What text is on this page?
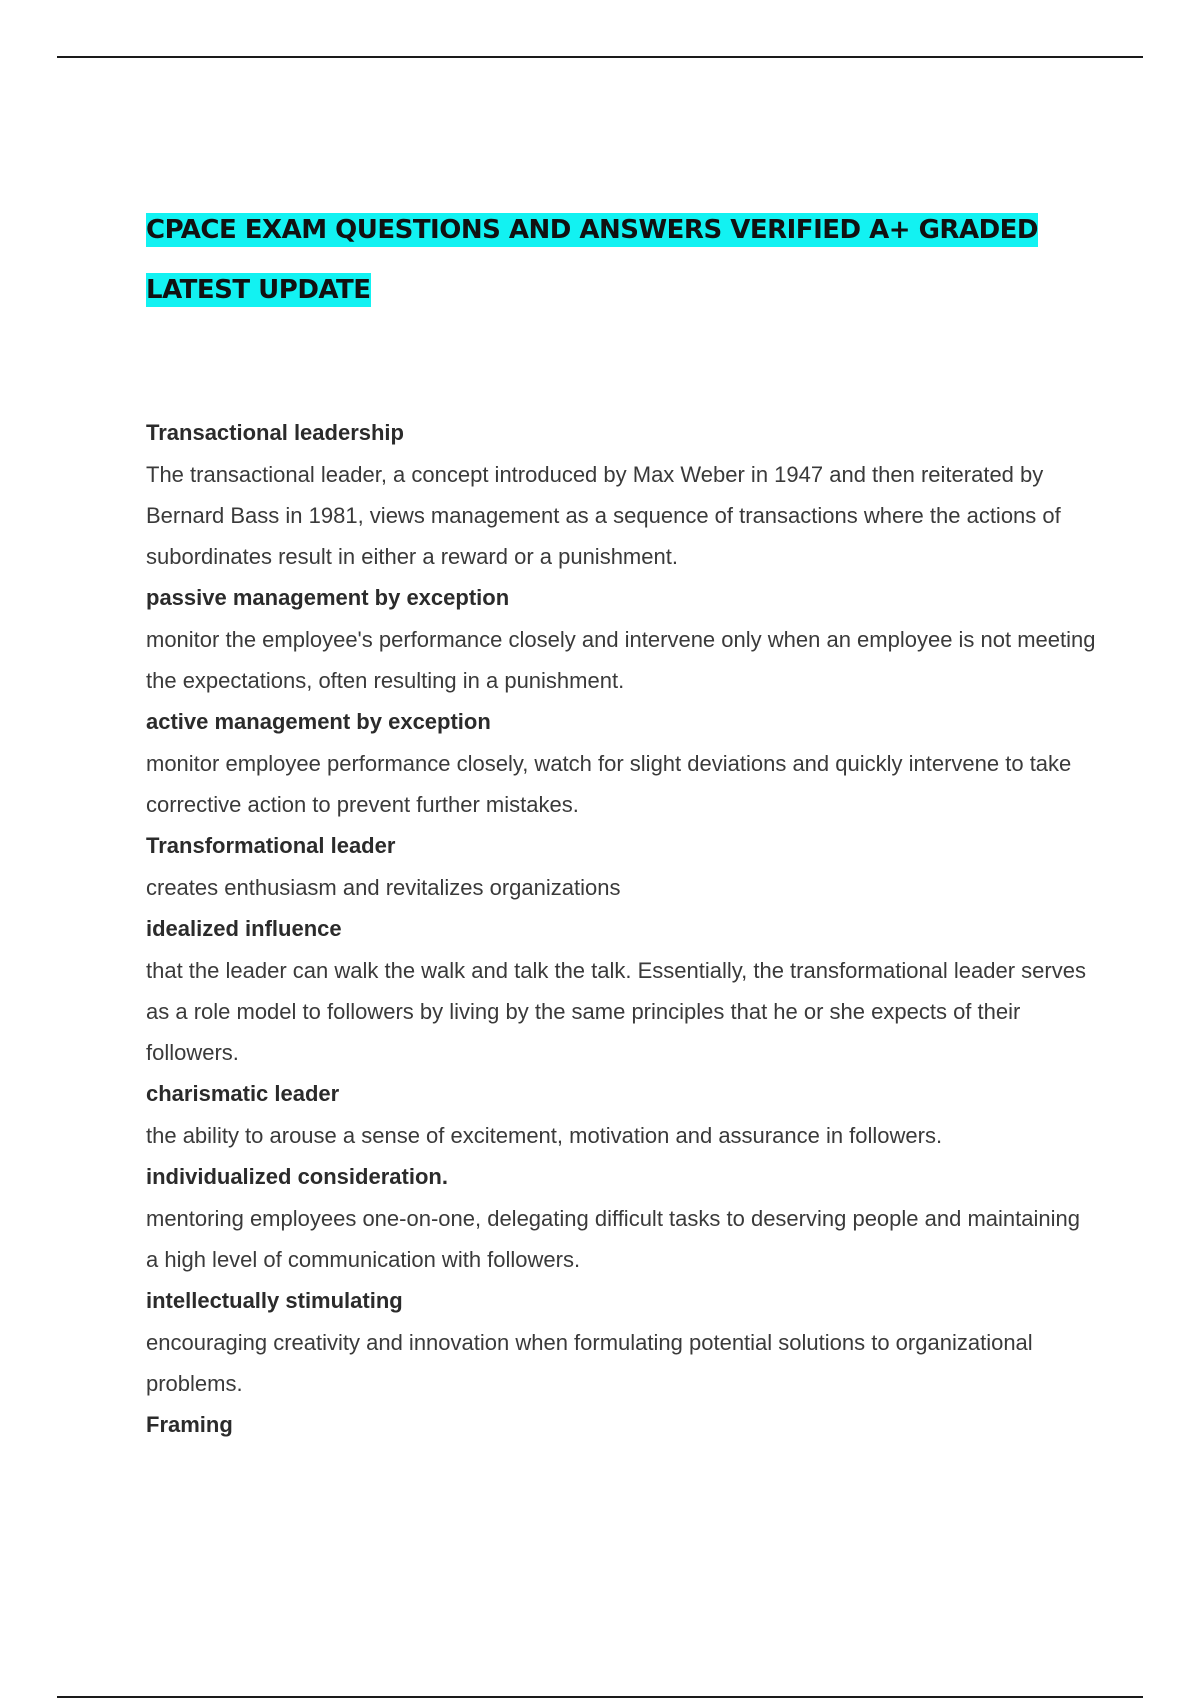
CPACE EXAM QUESTIONS AND ANSWERS VERIFIED A+ GRADED LATEST UPDATE
Transactional leadership
The transactional leader, a concept introduced by Max Weber in 1947 and then reiterated by Bernard Bass in 1981, views management as a sequence of transactions where the actions of subordinates result in either a reward or a punishment.
passive management by exception
monitor the employee's performance closely and intervene only when an employee is not meeting the expectations, often resulting in a punishment.
active management by exception
monitor employee performance closely, watch for slight deviations and quickly intervene to take corrective action to prevent further mistakes.
Transformational leader
creates enthusiasm and revitalizes organizations
idealized influence
that the leader can walk the walk and talk the talk. Essentially, the transformational leader serves as a role model to followers by living by the same principles that he or she expects of their followers.
charismatic leader
the ability to arouse a sense of excitement, motivation and assurance in followers.
individualized consideration.
mentoring employees one-on-one, delegating difficult tasks to deserving people and maintaining a high level of communication with followers.
intellectually stimulating
encouraging creativity and innovation when formulating potential solutions to organizational problems.
Framing
